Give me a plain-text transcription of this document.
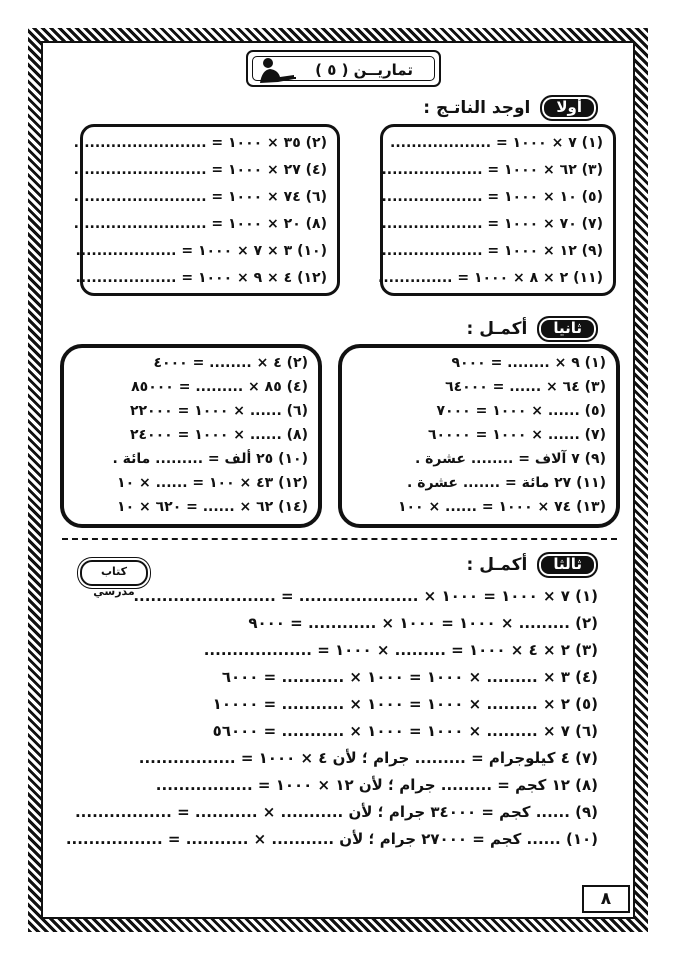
تماريــن ( ٥ )
أولا
اوجد الناتـج :
(١) ٧ × ١٠٠٠ = ...................
(٣) ٦٢ × ١٠٠٠ = ...................
(٥) ١٠ × ١٠٠٠ = ...................
(٧) ٧٠ × ١٠٠٠ = ...................
(٩) ١٢ × ١٠٠٠ = ...................
(١١) ٢ × ٨ × ١٠٠٠ = ..............
(٢) ٣٥ × ١٠٠٠ = .........................
(٤) ٢٧ × ١٠٠٠ = .........................
(٦) ٧٤ × ١٠٠٠ = .........................
(٨) ٢٠ × ١٠٠٠ = .........................
(١٠) ٣ × ٧ × ١٠٠٠ = ...................
(١٢) ٤ × ٩ × ١٠٠٠ = ...................
ثانيا
أكمـل :
(١) ٩ × ........ = ٩٠٠٠
(٣) ٦٤ × ...... = ٦٤٠٠٠
(٥) ...... × ١٠٠٠ = ٧٠٠٠
(٧) ...... × ١٠٠٠ = ٦٠٠٠٠
(٩) ٧ آلاف = ........ عشرة .
(١١) ٢٧ مائة = ....... عشرة .
(١٣) ٧٤ × ١٠٠٠ = ...... × ١٠٠
(٢) ٤ × ........ = ٤٠٠٠
(٤) ٨٥ × ......... = ٨٥٠٠٠
(٦) ...... × ١٠٠٠ = ٢٢٠٠٠
(٨) ...... × ١٠٠٠ = ٢٤٠٠٠
(١٠) ٢٥ ألف = ......... مائة .
(١٢) ٤٣ × ١٠٠ = ...... × ١٠
(١٤) ٦٢ × ...... = ٦٢٠ × ١٠
ثالثا
أكمـل :
كتاب مدرسي
(١) ٧ × ١٠٠٠ = ١٠٠٠ × ..................... = .........................
(٢) ......... × ١٠٠٠ = ١٠٠٠ × ............ = ٩٠٠٠
(٣) ٢ × ٤ × ١٠٠٠ = ......... × ١٠٠٠ = ...................
(٤) ٣ × ......... × ١٠٠٠ = ١٠٠٠ × ........... = ٦٠٠٠
(٥) ٢ × ......... × ١٠٠٠ = ١٠٠٠ × ........... = ١٠٠٠٠
(٦) ٧ × ......... × ١٠٠٠ = ١٠٠٠ × ........... = ٥٦٠٠٠
(٧) ٤ كيلوجرام = ......... جرام ؛ لأن ٤ × ١٠٠٠ = .................
(٨) ١٢ كجم = ......... جرام ؛ لأن ١٢ × ١٠٠٠ = .................
(٩) ...... كجم = ٣٤٠٠٠ جرام ؛ لأن ........... × ........... = .................
(١٠) ...... كجم = ٢٧٠٠٠ جرام ؛ لأن ........... × ........... = .................
٨
